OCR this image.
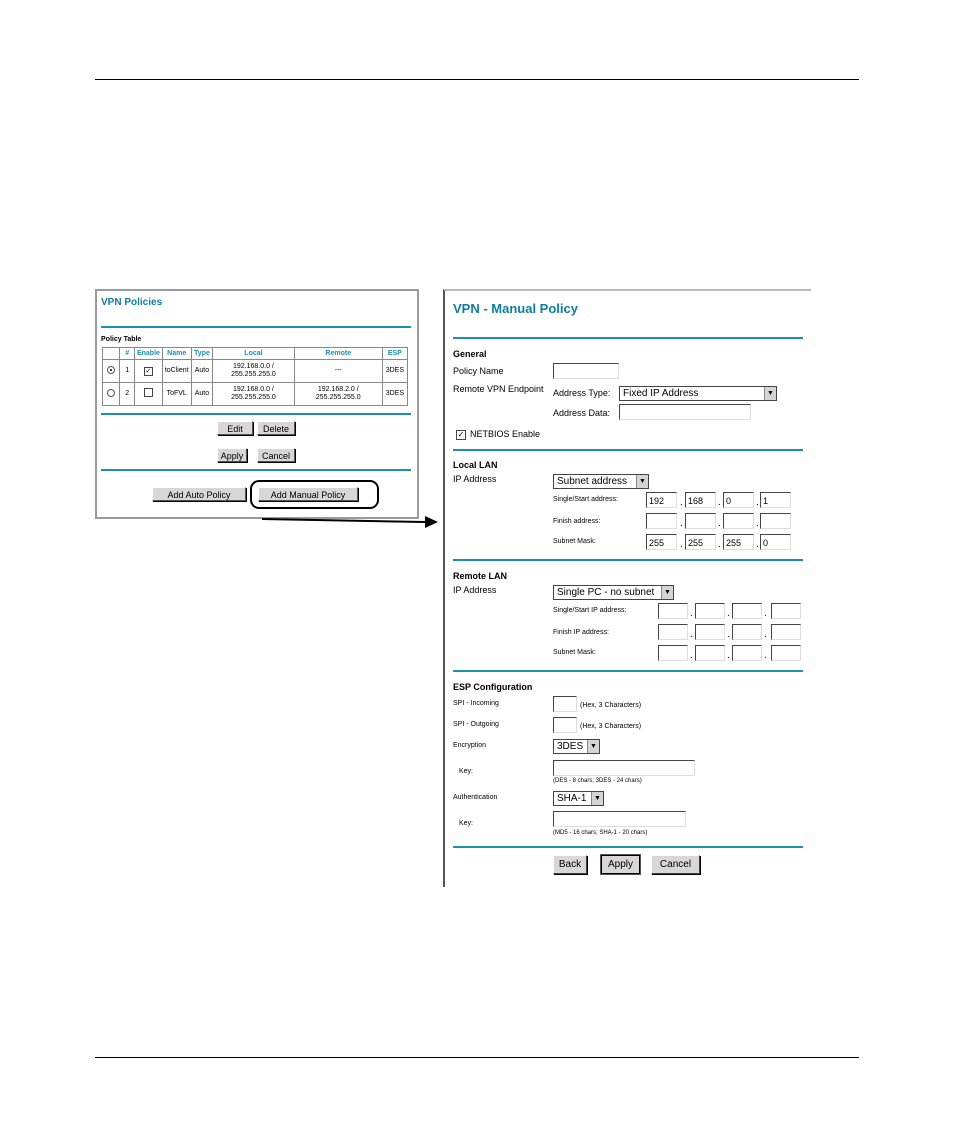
VPN Policies
Policy Table
	#	Enable	Name	Type	Local	Remote	ESP
	1	✓	toClient	Auto	192.168.0.0 /
255.255.255.0	---	3DES
	2		ToFVL	Auto	192.168.0.0 /
255.255.255.0	192.168.2.0 /
255.255.255.0	3DES
Edit	Delete
Apply	Cancel
Add Auto Policy	Add Manual Policy
VPN - Manual Policy
General
Policy Name
Remote VPN Endpoint Address Type:	Fixed IP Address	▼
Address Data:
✓ NETBIOS Enable
Local LAN
IP Address	Subnet address	▼
Single/Start address:	192	. 168	. 0	. 1
Finish address:	.	.	.
Subnet Mask:	255	. 255	. 255	. 0
Remote LAN
IP Address	Single PC - no subnet	▼
Single/Start IP address:	.	.	.
Finish IP address:	.	.	.
Subnet Mask:	.	.	.
ESP Configuration
SPI - Incoming	(Hex, 3 Characters)
SPI - Outgoing	(Hex, 3 Characters)
Encryption	3DES ▼
Key:
(DES - 8 chars; 3DES - 24 chars)
Authentication	SHA-1	▼
Key:
(MD5 - 16 chars; SHA-1 - 20 chars)
Back	Apply	Cancel
